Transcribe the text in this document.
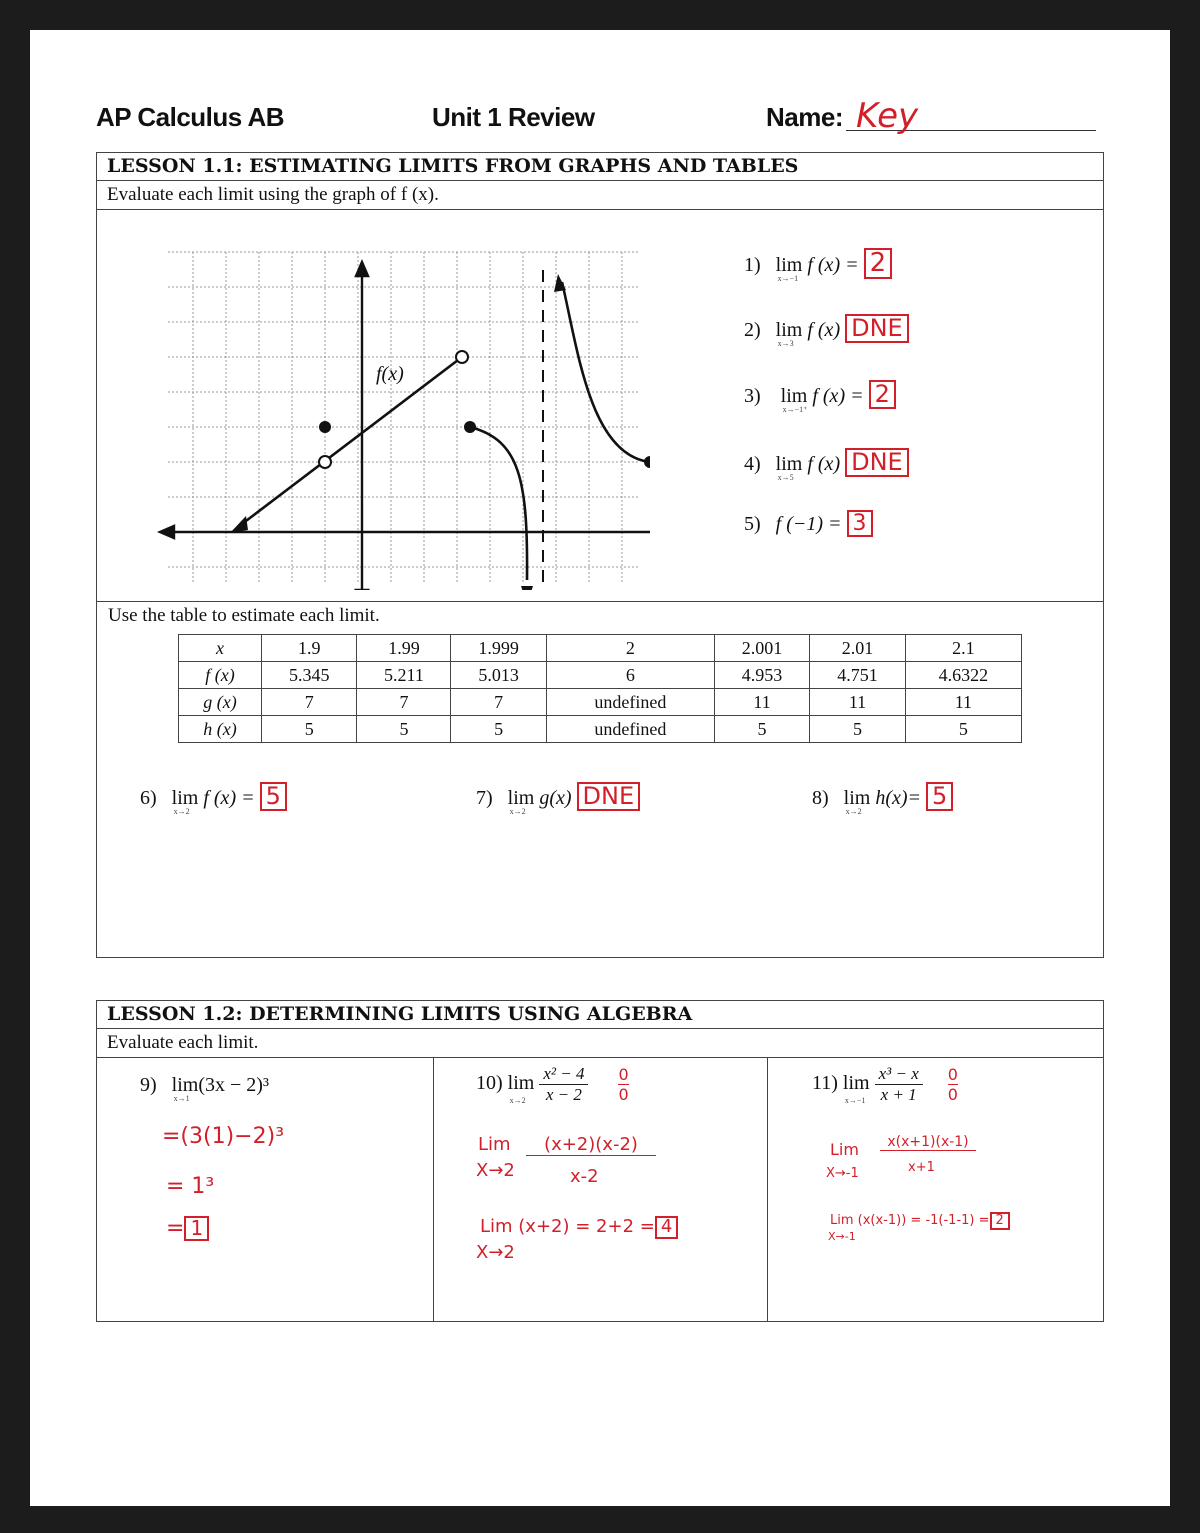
AP Calculus AB	Unit 1 Review	Name: Key
LESSON 1.1: ESTIMATING LIMITS FROM GRAPHS AND TABLES
Evaluate each limit using the graph of f (x).
f(x)
1) lim
x→−1
f (x) = 2
2) lim
x→3
f (x) DNE
3) lim
x→−1⁺
f (x) = 2
4) lim
x→5
f (x) DNE
5) f (−1) = 3
Use the table to estimate each limit.
x	1.9	1.99	1.999	2	2.001	2.01	2.1
f (x)	5.345	5.211	5.013	6	4.953	4.751	4.6322
g (x)	7	7	7	undefined	11	11	11
h (x)	5	5	5	undefined	5	5	5
6) lim
x→2
f (x) = 5	7) lim
x→2
g(x) DNE	8) lim
x→2
h(x)= 5
LESSON 1.2: DETERMINING LIMITS USING ALGEBRA
Evaluate each limit.
9) lim(3x − 2)³
x→1
=(3(1)−2)³
= 1³
= 1
10) lim
x→2
$\frac{\text{x² − 4}}{x - 2}$
$\frac{0}{0}$
Lim
X→2
(x+2)(x-2)
x-2
Lim (x+2) = 2+2 = 4
X→2
11) lim
x→−1
$\frac{\text{x³ − x}}{x + 1}$
$\frac{0}{0}$
Lim
X→-1
x(x+1)(x-1)
x+1
Lim (x(x-1)) = -1(-1-1) = 2
X→-1
